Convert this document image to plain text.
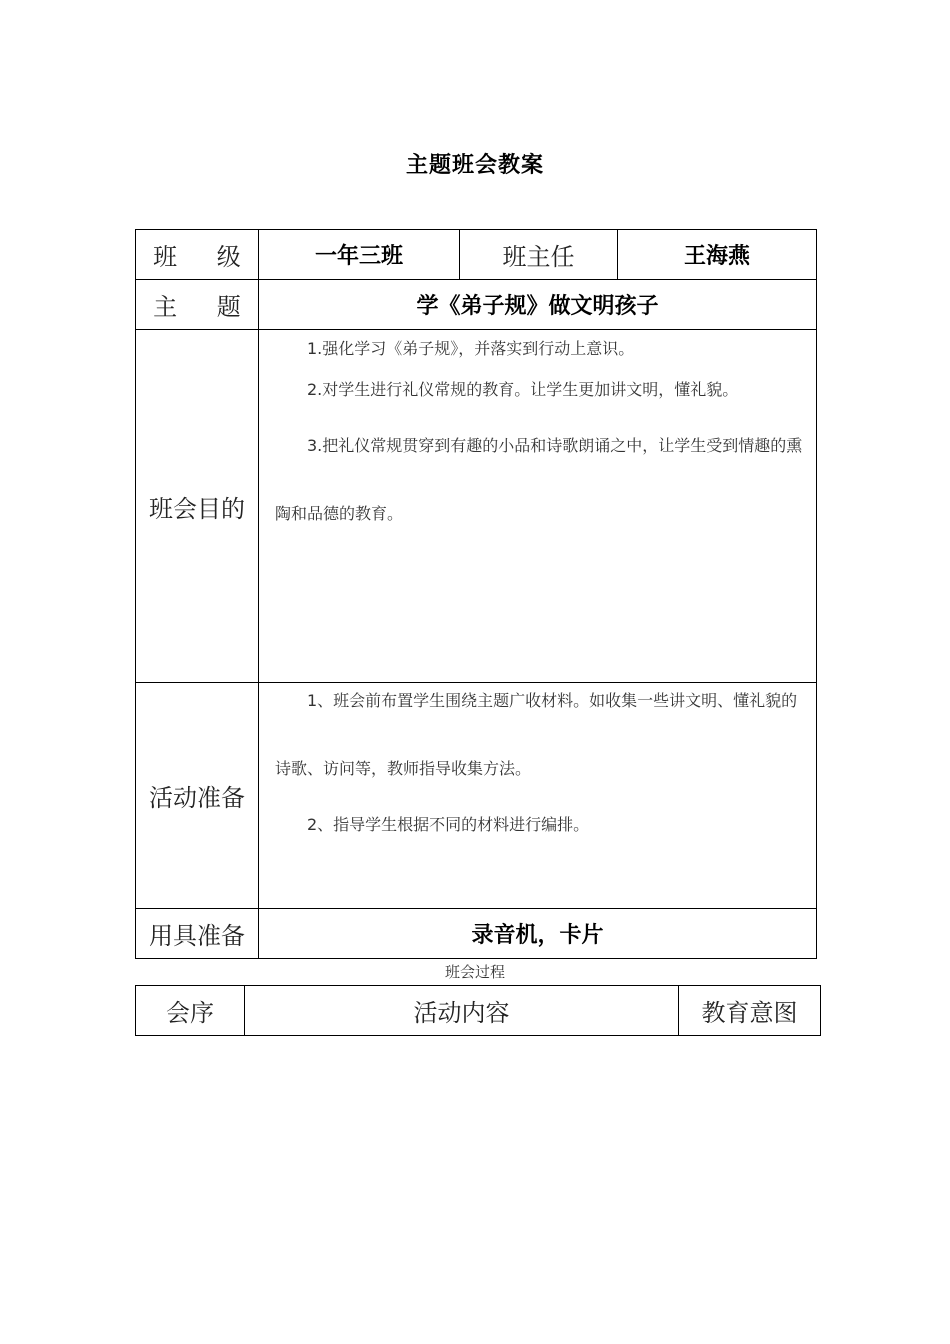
主题班会教案
班 级	一年三班	班主任	王海燕
主 题	学《弟子规》做文明孩子		
班会目的	1.强化学习《弟子规》，并落实到行动上意识。

2.对学生进行礼仪常规的教育。让学生更加讲文明，懂礼貌。

3.把礼仪常规贯穿到有趣的小品和诗歌朗诵之中，让学生受到情趣的熏陶和品德的教育。		

活动准备	1、班会前布置学生围绕主题广收材料。如收集一些讲文明、懂礼貌的诗歌、访问等，教师指导收集方法。

2、指导学生根据不同的材料进行编排。		

用具准备	录音机，卡片		
班会过程
会序	活动内容	教育意图
